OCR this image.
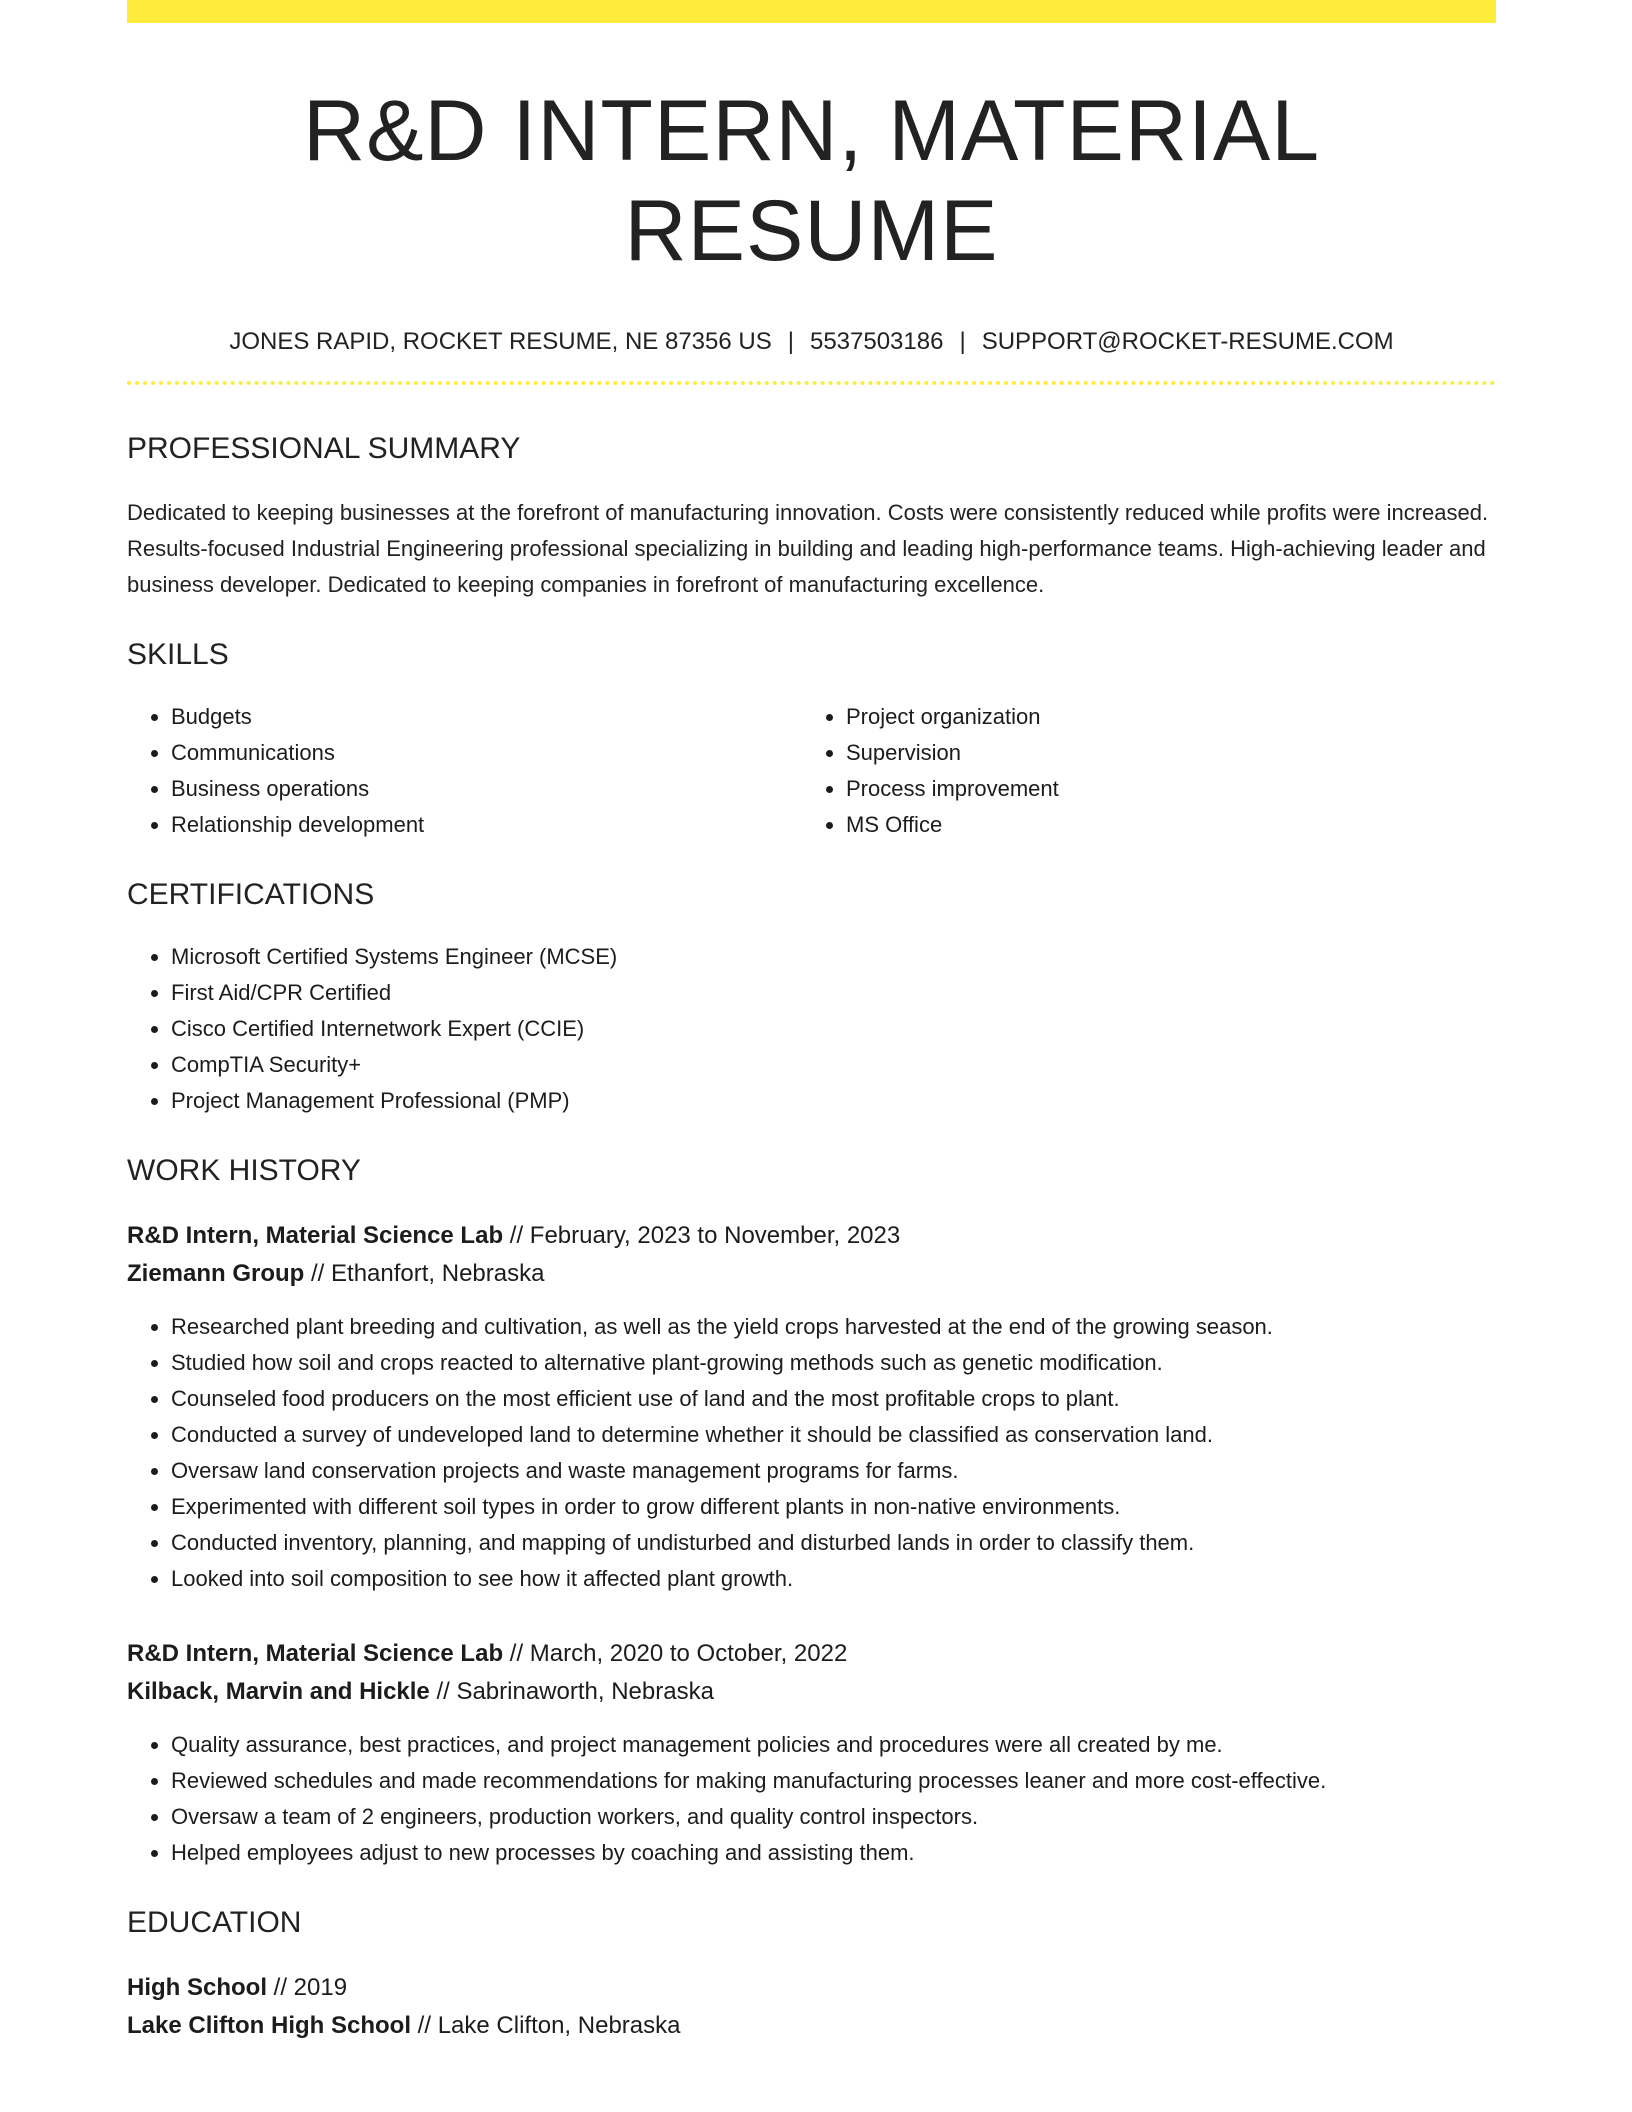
R&D INTERN, MATERIAL RESUME
JONES RAPID, ROCKET RESUME, NE 87356 US | 5537503186 | SUPPORT@ROCKET-RESUME.COM
PROFESSIONAL SUMMARY
Dedicated to keeping businesses at the forefront of manufacturing innovation. Costs were consistently reduced while profits were increased. Results-focused Industrial Engineering professional specializing in building and leading high-performance teams. High-achieving leader and business developer. Dedicated to keeping companies in forefront of manufacturing excellence.
SKILLS
• Budgets
• Communications
• Business operations
• Relationship development
• Project organization
• Supervision
• Process improvement
• MS Office
CERTIFICATIONS
• Microsoft Certified Systems Engineer (MCSE)
• First Aid/CPR Certified
• Cisco Certified Internetwork Expert (CCIE)
• CompTIA Security+
• Project Management Professional (PMP)
WORK HISTORY
R&D Intern, Material Science Lab // February, 2023 to November, 2023
Ziemann Group // Ethanfort, Nebraska
• Researched plant breeding and cultivation, as well as the yield crops harvested at the end of the growing season.
• Studied how soil and crops reacted to alternative plant-growing methods such as genetic modification.
• Counseled food producers on the most efficient use of land and the most profitable crops to plant.
• Conducted a survey of undeveloped land to determine whether it should be classified as conservation land.
• Oversaw land conservation projects and waste management programs for farms.
• Experimented with different soil types in order to grow different plants in non-native environments.
• Conducted inventory, planning, and mapping of undisturbed and disturbed lands in order to classify them.
• Looked into soil composition to see how it affected plant growth.
R&D Intern, Material Science Lab // March, 2020 to October, 2022
Kilback, Marvin and Hickle // Sabrinaworth, Nebraska
• Quality assurance, best practices, and project management policies and procedures were all created by me.
• Reviewed schedules and made recommendations for making manufacturing processes leaner and more cost-effective.
• Oversaw a team of 2 engineers, production workers, and quality control inspectors.
• Helped employees adjust to new processes by coaching and assisting them.
EDUCATION
High School // 2019
Lake Clifton High School // Lake Clifton, Nebraska
